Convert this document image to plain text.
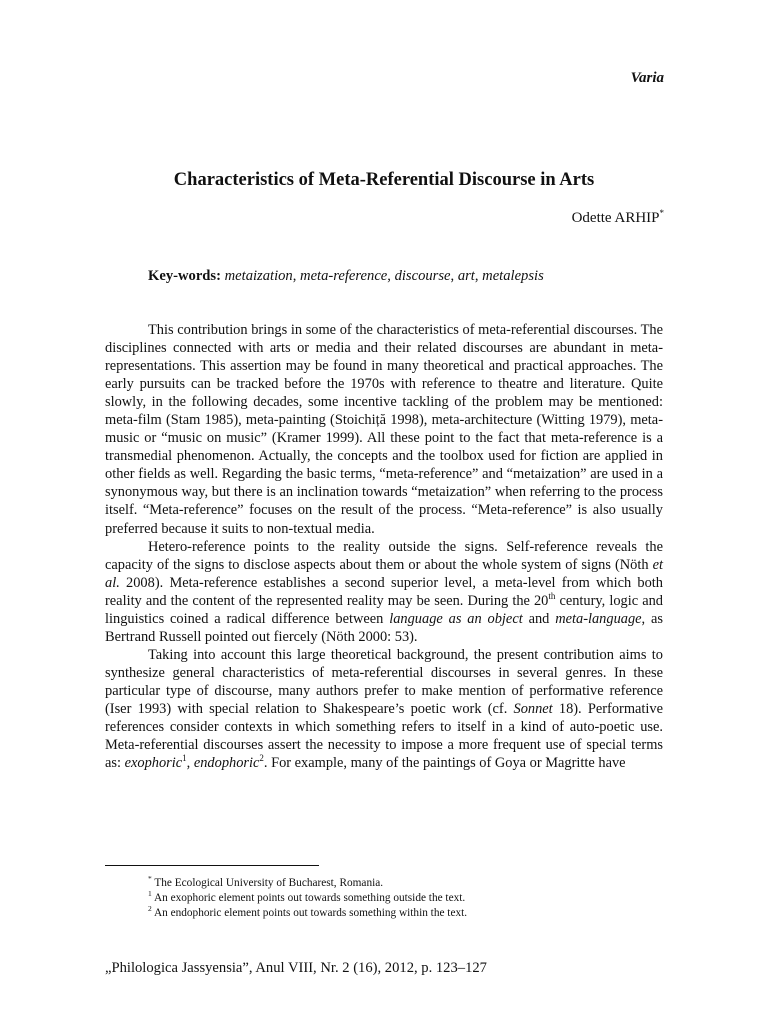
Varia
Characteristics of Meta-Referential Discourse in Arts
Odette ARHIP*
Key-words: metaization, meta-reference, discourse, art, metalepsis

This contribution brings in some of the characteristics of meta-referential discourses. The disciplines connected with arts or media and their related discourses are abundant in meta-representations. This assertion may be found in many theoretical and practical approaches. The early pursuits can be tracked before the 1970s with reference to theatre and literature. Quite slowly, in the following decades, some incentive tackling of the problem may be mentioned: meta-film (Stam 1985), meta-painting (Stoichiță 1998), meta-architecture (Witting 1979), meta-music or “music on music” (Kramer 1999). All these point to the fact that meta-reference is a transmedial phenomenon. Actually, the concepts and the toolbox used for fiction are applied in other fields as well. Regarding the basic terms, “meta-reference” and “metaization” are used in a synonymous way, but there is an inclination towards “metaization” when referring to the process itself. “Meta-reference” focuses on the result of the process. “Meta-reference” is also usually preferred because it suits to non-textual media.

Hetero-reference points to the reality outside the signs. Self-reference reveals the capacity of the signs to disclose aspects about them or about the whole system of signs (Nöth et al. 2008). Meta-reference establishes a second superior level, a meta-level from which both reality and the content of the represented reality may be seen. During the 20th century, logic and linguistics coined a radical difference between language as an object and meta-language, as Bertrand Russell pointed out fiercely (Nöth 2000: 53).

Taking into account this large theoretical background, the present contribution aims to synthesize general characteristics of meta-referential discourses in several genres. In these particular type of discourse, many authors prefer to make mention of performative reference (Iser 1993) with special relation to Shakespeare’s poetic work (cf. Sonnet 18). Performative references consider contexts in which something refers to itself in a kind of auto-poetic use. Meta-referential discourses assert the necessity to impose a more frequent use of special terms as: exophoric$^1$, endophoric$^2$. For example, many of the paintings of Goya or Magritte have

* The Ecological University of Bucharest, Romania.
$^1$ An exophoric element points out towards something outside the text.
$^2$ An endophoric element points out towards something within the text.
„Philologica Jassyensia”, Anul VIII, Nr. 2 (16), 2012, p. 123–127
